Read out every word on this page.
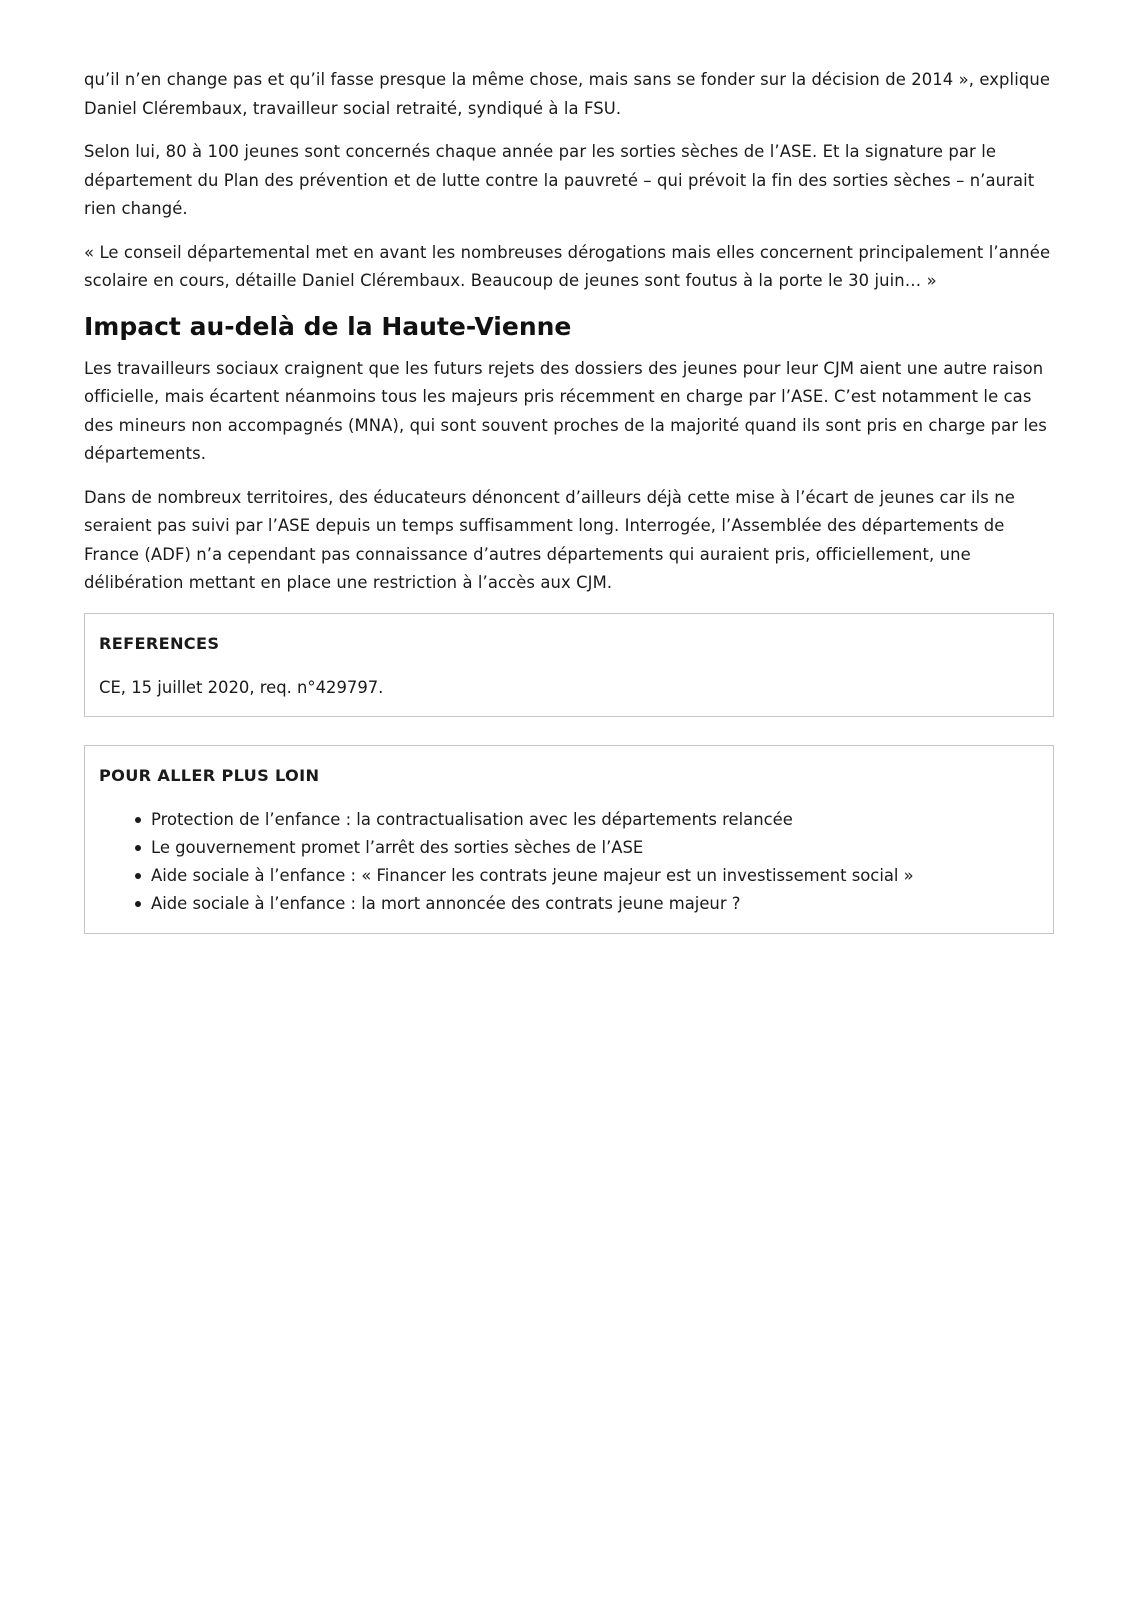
qu’il n’en change pas et qu’il fasse presque la même chose, mais sans se fonder sur la décision de 2014 », explique Daniel Clérembaux, travailleur social retraité, syndiqué à la FSU.

Selon lui, 80 à 100 jeunes sont concernés chaque année par les sorties sèches de l’ASE. Et la signature par le département du Plan des prévention et de lutte contre la pauvreté – qui prévoit la fin des sorties sèches – n’aurait rien changé.

« Le conseil départemental met en avant les nombreuses dérogations mais elles concernent principalement l’année scolaire en cours, détaille Daniel Clérembaux. Beaucoup de jeunes sont foutus à la porte le 30 juin… »

Impact au-delà de la Haute-Vienne

Les travailleurs sociaux craignent que les futurs rejets des dossiers des jeunes pour leur CJM aient une autre raison officielle, mais écartent néanmoins tous les majeurs pris récemment en charge par l’ASE. C’est notamment le cas des mineurs non accompagnés (MNA), qui sont souvent proches de la majorité quand ils sont pris en charge par les départements.

Dans de nombreux territoires, des éducateurs dénoncent d’ailleurs déjà cette mise à l’écart de jeunes car ils ne seraient pas suivi par l’ASE depuis un temps suffisamment long. Interrogée, l’Assemblée des départements de France (ADF) n’a cependant pas connaissance d’autres départements qui auraient pris, officiellement, une délibération mettant en place une restriction à l’accès aux CJM.

REFERENCES

CE, 15 juillet 2020, req. n°429797.

POUR ALLER PLUS LOIN
Protection de l’enfance : la contractualisation avec les départements relancée
Le gouvernement promet l’arrêt des sorties sèches de l’ASE
Aide sociale à l’enfance : « Financer les contrats jeune majeur est un investissement social »
Aide sociale à l’enfance : la mort annoncée des contrats jeune majeur ?
